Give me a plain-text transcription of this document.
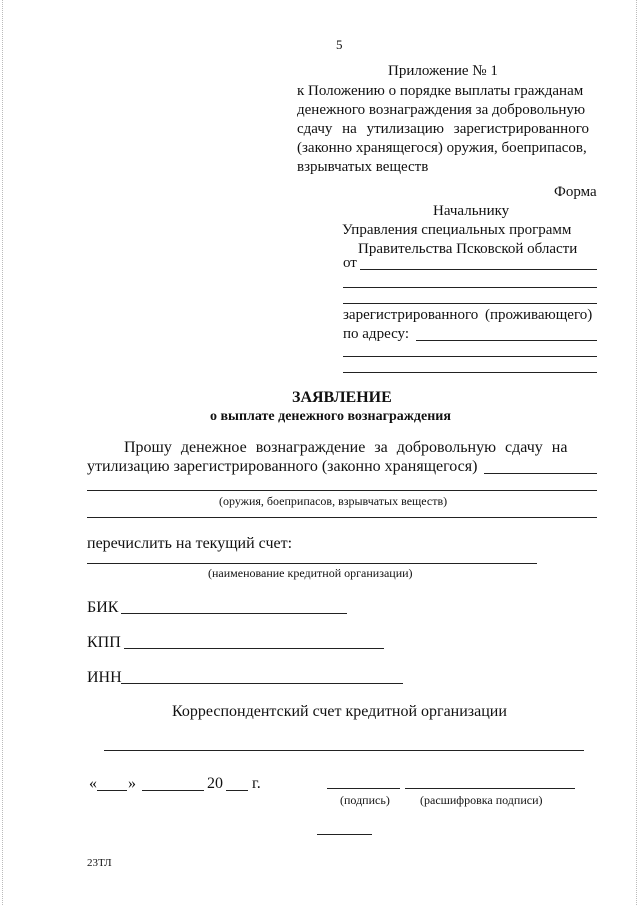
5
Приложение № 1
к Положению о порядке выплаты гражданам
денежного вознаграждения за добровольную
сдачу на утилизацию зарегистрированного
(законно хранящегося) оружия, боеприпасов,
взрывчатых веществ
Форма
Начальнику
Управления специальных программ
Правительства Псковской области
от
зарегистрированного (проживающего)
по адресу:
ЗАЯВЛЕНИЕ
о выплате денежного вознаграждения
Прошу денежное вознаграждение за добровольную сдачу на
утилизацию зарегистрированного (законно хранящегося)
(оружия, боеприпасов, взрывчатых веществ)
перечислить на текущий счет:
(наименование кредитной организации)
БИК
КПП
ИНН
Корреспондентский счет кредитной организации
« »	20 г.
(подпись)	(расшифровка подписи)
23ТЛ
